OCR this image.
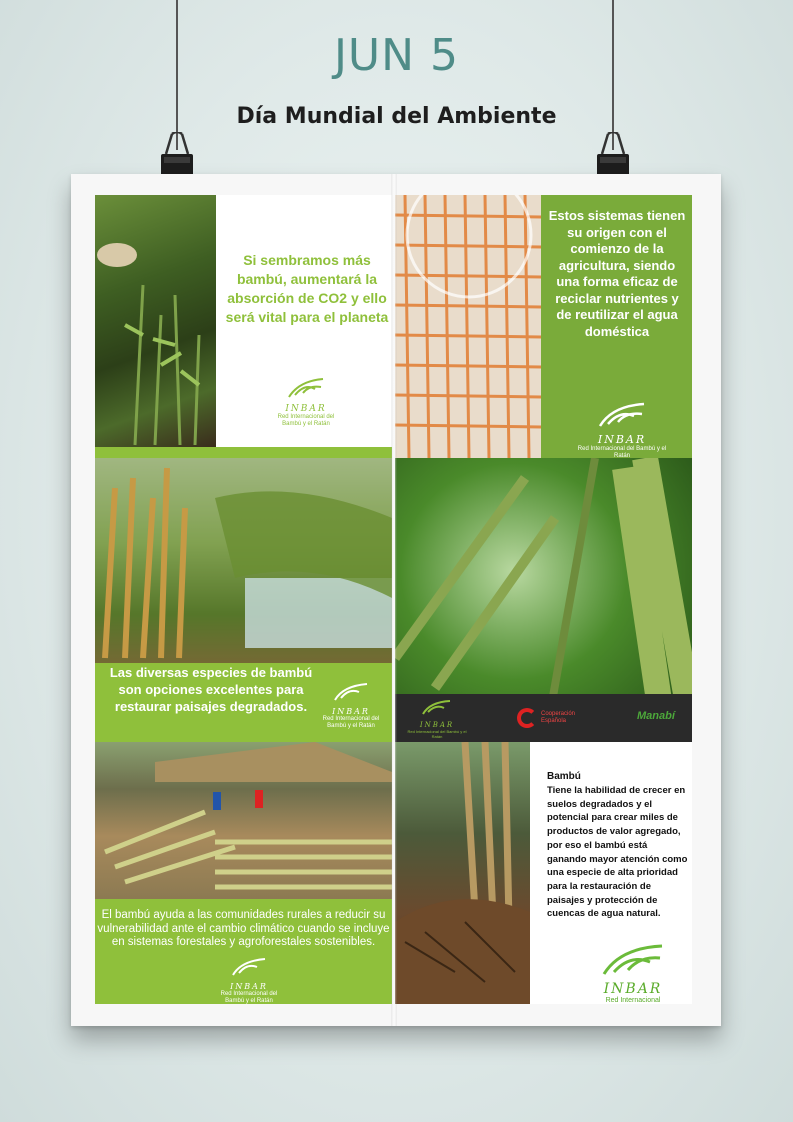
JUN 5
Día Mundial del Ambiente
Si sembramos más bambú, aumentará la absorción de CO2 y ello será vital para el planeta
INBAR
Red Internacional del Bambú y el Ratán
Estos sistemas tienen su origen con el comienzo de la agricultura, siendo una forma eficaz de reciclar nutrientes y de reutilizar el agua doméstica
INBAR
Red Internacional del Bambú y el Ratán
Las diversas especies de bambú son opciones excelentes para restaurar paisajes degradados.	INBAR
Red Internacional del Bambú y el Ratán	INBAR
Red Internacional del Bambú y el Ratán
Cooperación Española	Manabí
El bambú ayuda a las comunidades rurales a reducir su vulnerabilidad ante el cambio climático cuando se incluye en sistemas forestales y agroforestales sostenibles.
INBAR
Red Internacional del Bambú y el Ratán
Bambú
Tiene la habilidad de crecer en suelos degradados y el potencial para crear miles de productos de valor agregado, por eso el bambú está ganando mayor atención como una especie de alta prioridad para la restauración de paisajes y protección de cuencas de agua natural.
INBAR
Red Internacional
